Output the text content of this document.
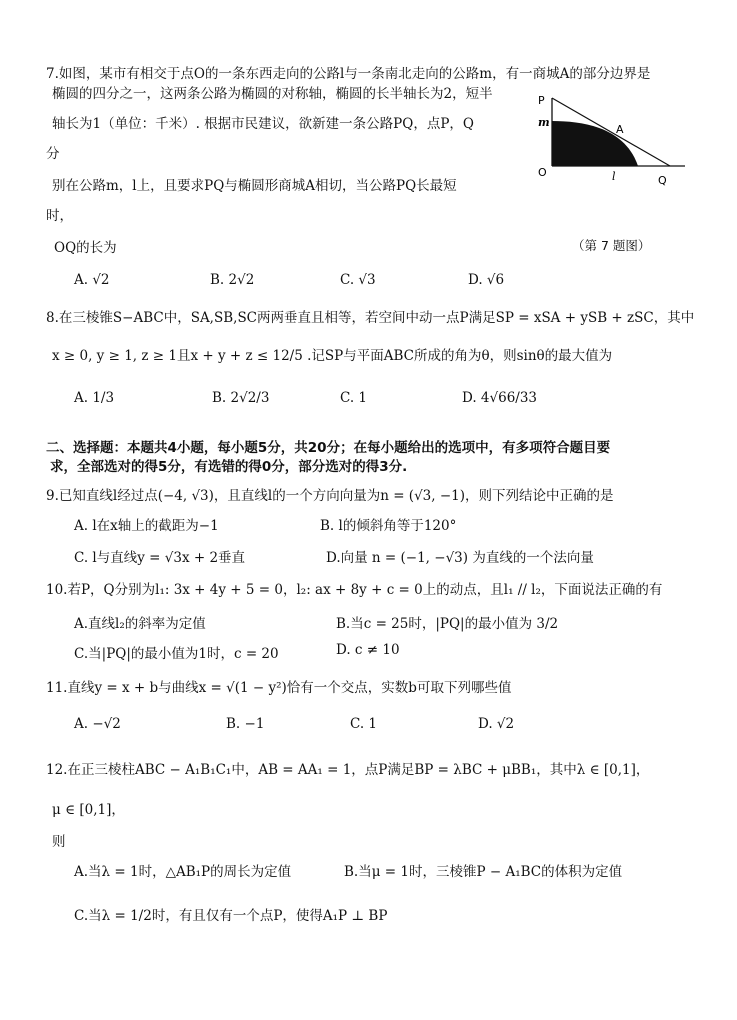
7.如图，某市有相交于点O的一条东西走向的公路l与一条南北走向的公路m，有一商城A的部分边界是
椭圆的四分之一，这两条公路为椭圆的对称轴，椭圆的长半轴长为2，短半
轴长为1（单位：千米）. 根据市民建议，欲新建一条公路PQ，点P，Q
分
别在公路m，l上，且要求PQ与椭圆形商城A相切，当公路PQ长最短
时，
OQ的长为	（第 7 题图）
P
m
A
O	l	Q
A. √2	B. 2√2	C. √3	D. √6
8.在三棱锥S−ABC中，SA,SB,SC两两垂直且相等，若空间中动一点P满足SP = xSA + ySB + zSC，其中
x ≥ 0, y ≥ 1, z ≥ 1且x + y + z ≤ 12/5 .记SP与平面ABC所成的角为θ，则sinθ的最大值为
A. 1/3	B. 2√2/3	C. 1	D. 4√66/33
二、选择题：本题共4小题，每小题5分，共20分；在每小题给出的选项中，有多项符合题目要
求，全部选对的得5分，有选错的得0分，部分选对的得3分.
9.已知直线l经过点(−4, √3)，且直线l的一个方向向量为n = (√3, −1)，则下列结论中正确的是
A. l在x轴上的截距为−1	B. l的倾斜角等于120°
C. l与直线y = √3x + 2垂直	D.向量 n = (−1, −√3) 为直线的一个法向量
10.若P，Q分别为l₁: 3x + 4y + 5 = 0，l₂: ax + 8y + c = 0上的动点，且l₁ // l₂，下面说法正确的有
A.直线l₂的斜率为定值	B.当c = 25时，|PQ|的最小值为 3/2
C.当|PQ|的最小值为1时，c = 20	D. c ≠ 10
11.直线y = x + b与曲线x = √(1 − y²)恰有一个交点，实数b可取下列哪些值
A. −√2	B. −1	C. 1	D. √2
12.在正三棱柱ABC − A₁B₁C₁中，AB = AA₁ = 1，点P满足BP = λBC + μBB₁，其中λ ∈ [0,1]，
μ ∈ [0,1]，
则
A.当λ = 1时，△AB₁P的周长为定值	B.当μ = 1时，三棱锥P − A₁BC的体积为定值
C.当λ = 1/2时，有且仅有一个点P，使得A₁P ⊥ BP
